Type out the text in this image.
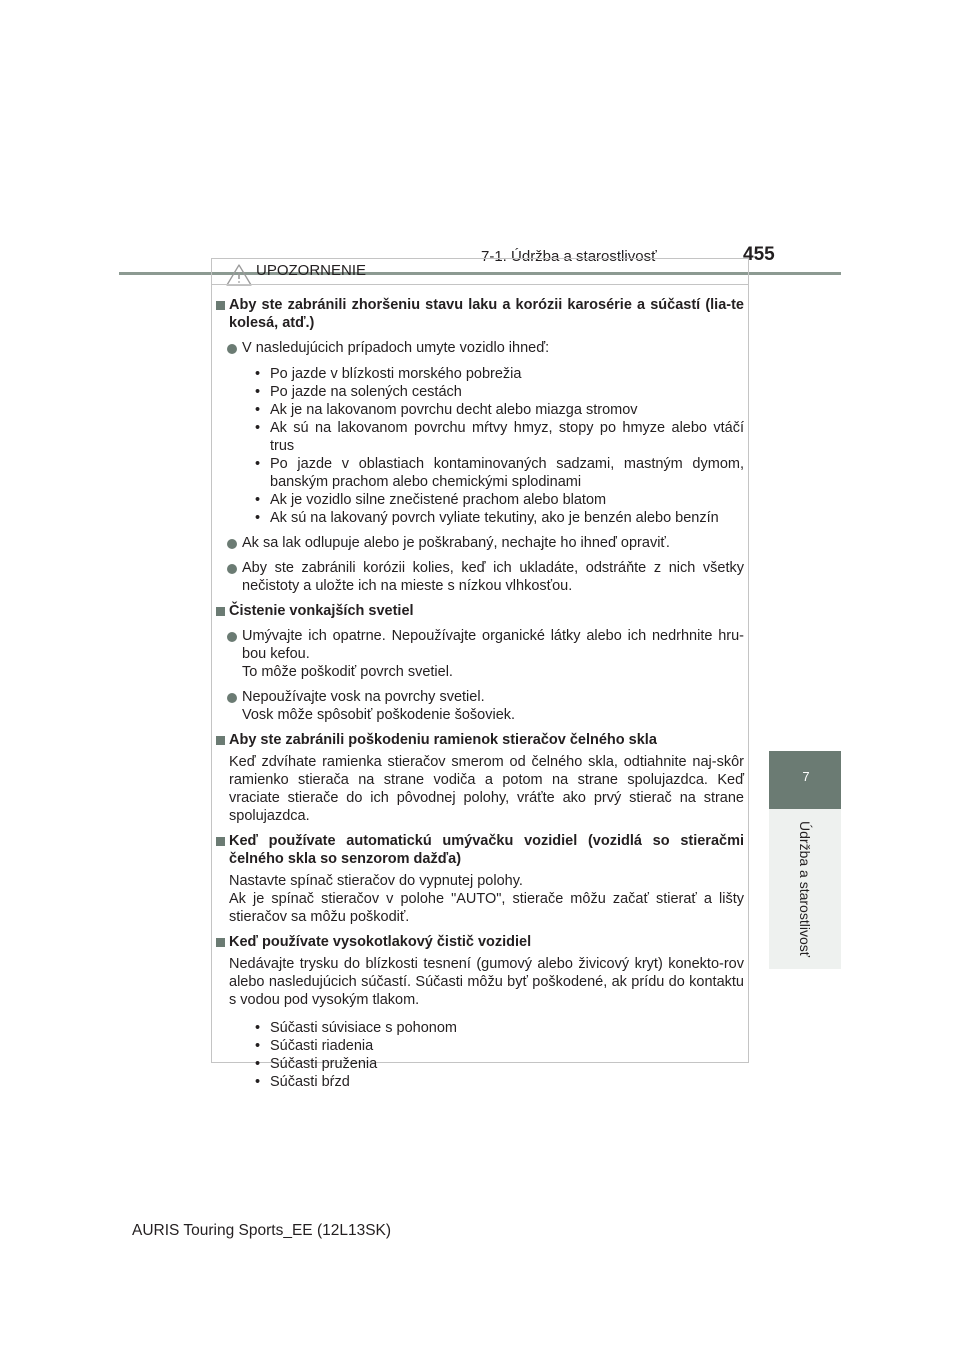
7-1. Údržba a starostlivosť	455
7
Údržba a starostlivosť
UPOZORNENIE
Aby ste zabránili zhoršeniu stavu laku a korózii karosérie a súčastí (lia-te kolesá, atď.)
V nasledujúcich prípadoch umyte vozidlo ihneď:
• Po jazde v blízkosti morského pobrežia
• Po jazde na solených cestách
• Ak je na lakovanom povrchu decht alebo miazga stromov
• Ak sú na lakovanom povrchu mŕtvy hmyz, stopy po hmyze alebo vtáčí trus
• Po jazde v oblastiach kontaminovaných sadzami, mastným dymom, banským prachom alebo chemickými splodinami
• Ak je vozidlo silne znečistené prachom alebo blatom
• Ak sú na lakovaný povrch vyliate tekutiny, ako je benzén alebo benzín
Ak sa lak odlupuje alebo je poškrabaný, nechajte ho ihneď opraviť.
Aby ste zabránili korózii kolies, keď ich ukladáte, odstráňte z nich všetky nečistoty a uložte ich na mieste s nízkou vlhkosťou.
Čistenie vonkajších svetiel
Umývajte ich opatrne. Nepoužívajte organické látky alebo ich nedrhnite hru-bou kefou.
To môže poškodiť povrch svetiel.
Nepoužívajte vosk na povrchy svetiel.
Vosk môže spôsobiť poškodenie šošoviek.
Aby ste zabránili poškodeniu ramienok stieračov čelného skla
Keď zdvíhate ramienka stieračov smerom od čelného skla, odtiahnite naj-skôr ramienko stierača na strane vodiča a potom na strane spolujazdca. Keď vraciate stierače do ich pôvodnej polohy, vráťte ako prvý stierač na strane spolujazdca.
Keď používate automatickú umývačku vozidiel (vozidlá so stieračmi čelného skla so senzorom dažďa)
Nastavte spínač stieračov do vypnutej polohy.
Ak je spínač stieračov v polohe "AUTO", stierače môžu začať stierať a lišty stieračov sa môžu poškodiť.
Keď používate vysokotlakový čistič vozidiel
Nedávajte trysku do blízkosti tesnení (gumový alebo živicový kryt) konekto-rov alebo nasledujúcich súčastí. Súčasti môžu byť poškodené, ak prídu do kontaktu s vodou pod vysokým tlakom.
• Súčasti súvisiace s pohonom
• Súčasti riadenia
• Súčasti pruženia
• Súčasti bŕzd
AURIS Touring Sports_EE (12L13SK)
